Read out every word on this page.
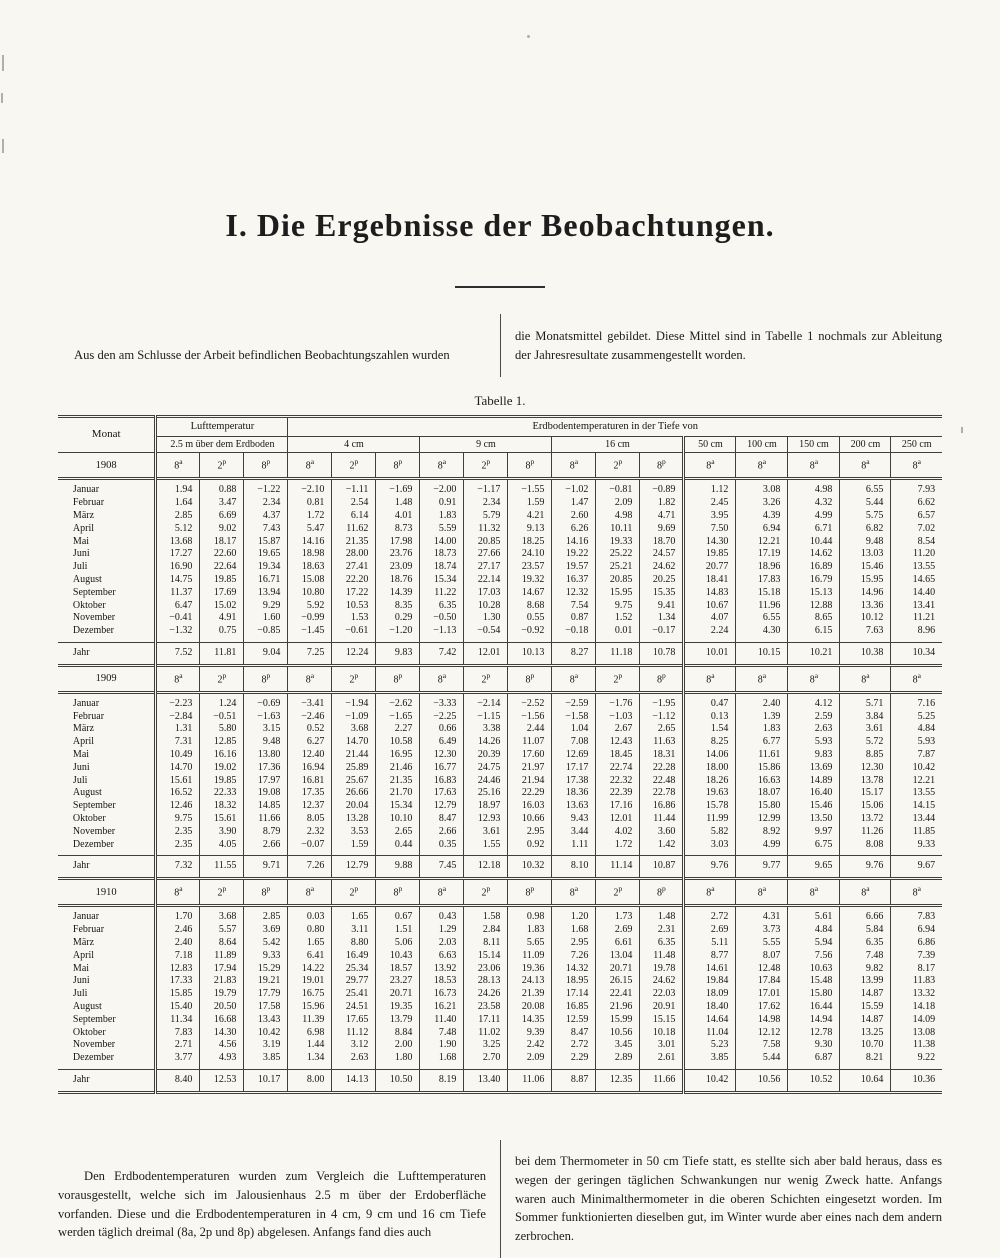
I. Die Ergebnisse der Beobachtungen.

Aus den am Schlusse der Arbeit befindlichen Beobachtungszahlen wurden

die Monatsmittel gebildet. Diese Mittel sind in Tabelle 1 nochmals zur Ableitung der Jahresresultate zusammengestellt worden.

Tabelle 1.
Monat	Lufttemperatur			Erdbodentemperaturen in der Tiefe von													
	2.5 m über dem Erdboden			4 cm			9 cm			16 cm			50 cm	100 cm	150 cm	200 cm	250 cm
1908	8$^a$	2$^p$	8$^p$	8$^a$	2$^p$	8$^p$	8$^a$	2$^p$	8$^p$	8$^a$	2$^p$	8$^p$	8$^a$	8$^a$	8$^a$	8$^a$	8$^a$
Januar	1.94	0.88	−1.22	−2.10	−1.11	−1.69	−2.00	−1.17	−1.55	−1.02	−0.81	−0.89	1.12	3.08	4.98	6.55	7.93
Februar	1.64	3.47	2.34	0.81	2.54	1.48	0.91	2.34	1.59	1.47	2.09	1.82	2.45	3.26	4.32	5.44	6.62
März	2.85	6.69	4.37	1.72	6.14	4.01	1.83	5.79	4.21	2.60	4.98	4.71	3.95	4.39	4.99	5.75	6.57
April	5.12	9.02	7.43	5.47	11.62	8.73	5.59	11.32	9.13	6.26	10.11	9.69	7.50	6.94	6.71	6.82	7.02
Mai	13.68	18.17	15.87	14.16	21.35	17.98	14.00	20.85	18.25	14.16	19.33	18.70	14.30	12.21	10.44	9.48	8.54
Juni	17.27	22.60	19.65	18.98	28.00	23.76	18.73	27.66	24.10	19.22	25.22	24.57	19.85	17.19	14.62	13.03	11.20
Juli	16.90	22.64	19.34	18.63	27.41	23.09	18.74	27.17	23.57	19.57	25.21	24.62	20.77	18.96	16.89	15.46	13.55
August	14.75	19.85	16.71	15.08	22.20	18.76	15.34	22.14	19.32	16.37	20.85	20.25	18.41	17.83	16.79	15.95	14.65
September	11.37	17.69	13.94	10.80	17.22	14.39	11.22	17.03	14.67	12.32	15.95	15.35	14.83	15.18	15.13	14.96	14.40
Oktober	6.47	15.02	9.29	5.92	10.53	8.35	6.35	10.28	8.68	7.54	9.75	9.41	10.67	11.96	12.88	13.36	13.41
November	−0.41	4.91	1.60	−0.99	1.53	0.29	−0.50	1.30	0.55	0.87	1.52	1.34	4.07	6.55	8.65	10.12	11.21
Dezember	−1.32	0.75	−0.85	−1.45	−0.61	−1.20	−1.13	−0.54	−0.92	−0.18	0.01	−0.17	2.24	4.30	6.15	7.63	8.96
Jahr	7.52	11.81	9.04	7.25	12.24	9.83	7.42	12.01	10.13	8.27	11.18	10.78	10.01	10.15	10.21	10.38	10.34
1909	8$^a$	2$^p$	8$^p$	8$^a$	2$^p$	8$^p$	8$^a$	2$^p$	8$^p$	8$^a$	2$^p$	8$^p$	8$^a$	8$^a$	8$^a$	8$^a$	8$^a$
Januar	−2.23	1.24	−0.69	−3.41	−1.94	−2.62	−3.33	−2.14	−2.52	−2.59	−1.76	−1.95	0.47	2.40	4.12	5.71	7.16
Februar	−2.84	−0.51	−1.63	−2.46	−1.09	−1.65	−2.25	−1.15	−1.56	−1.58	−1.03	−1.12	0.13	1.39	2.59	3.84	5.25
März	1.31	5.80	3.15	0.52	3.68	2.27	0.66	3.38	2.44	1.04	2.67	2.65	1.54	1.83	2.63	3.61	4.84
April	7.31	12.85	9.48	6.27	14.70	10.58	6.49	14.26	11.07	7.08	12.43	11.63	8.25	6.77	5.93	5.72	5.93
Mai	10.49	16.16	13.80	12.40	21.44	16.95	12.30	20.39	17.60	12.69	18.45	18.31	14.06	11.61	9.83	8.85	7.87
Juni	14.70	19.02	17.36	16.94	25.89	21.46	16.77	24.75	21.97	17.17	22.74	22.28	18.00	15.86	13.69	12.30	10.42
Juli	15.61	19.85	17.97	16.81	25.67	21.35	16.83	24.46	21.94	17.38	22.32	22.48	18.26	16.63	14.89	13.78	12.21
August	16.52	22.33	19.08	17.35	26.66	21.70	17.63	25.16	22.29	18.36	22.39	22.78	19.63	18.07	16.40	15.17	13.55
September	12.46	18.32	14.85	12.37	20.04	15.34	12.79	18.97	16.03	13.63	17.16	16.86	15.78	15.80	15.46	15.06	14.15
Oktober	9.75	15.61	11.66	8.05	13.28	10.10	8.47	12.93	10.66	9.43	12.01	11.44	11.99	12.99	13.50	13.72	13.44
November	2.35	3.90	8.79	2.32	3.53	2.65	2.66	3.61	2.95	3.44	4.02	3.60	5.82	8.92	9.97	11.26	11.85
Dezember	2.35	4.05	2.66	−0.07	1.59	0.44	0.35	1.55	0.92	1.11	1.72	1.42	3.03	4.99	6.75	8.08	9.33
Jahr	7.32	11.55	9.71	7.26	12.79	9.88	7.45	12.18	10.32	8.10	11.14	10.87	9.76	9.77	9.65	9.76	9.67
1910	8$^a$	2$^p$	8$^p$	8$^a$	2$^p$	8$^p$	8$^a$	2$^p$	8$^p$	8$^a$	2$^p$	8$^p$	8$^a$	8$^a$	8$^a$	8$^a$	8$^a$
Januar	1.70	3.68	2.85	0.03	1.65	0.67	0.43	1.58	0.98	1.20	1.73	1.48	2.72	4.31	5.61	6.66	7.83
Februar	2.46	5.57	3.69	0.80	3.11	1.51	1.29	2.84	1.83	1.68	2.69	2.31	2.69	3.73	4.84	5.84	6.94
März	2.40	8.64	5.42	1.65	8.80	5.06	2.03	8.11	5.65	2.95	6.61	6.35	5.11	5.55	5.94	6.35	6.86
April	7.18	11.89	9.33	6.41	16.49	10.43	6.63	15.14	11.09	7.26	13.04	11.48	8.77	8.07	7.56	7.48	7.39
Mai	12.83	17.94	15.29	14.22	25.34	18.57	13.92	23.06	19.36	14.32	20.71	19.78	14.61	12.48	10.63	9.82	8.17
Juni	17.33	21.83	19.21	19.01	29.77	23.27	18.53	28.13	24.13	18.95	26.15	24.62	19.84	17.84	15.48	13.99	11.83
Juli	15.85	19.79	17.79	16.75	25.41	20.71	16.73	24.26	21.39	17.14	22.41	22.03	18.09	17.01	15.80	14.87	13.32
August	15.40	20.50	17.58	15.96	24.51	19.35	16.21	23.58	20.08	16.85	21.96	20.91	18.40	17.62	16.44	15.59	14.18
September	11.34	16.68	13.43	11.39	17.65	13.79	11.40	17.11	14.35	12.59	15.99	15.15	14.64	14.98	14.94	14.87	14.09
Oktober	7.83	14.30	10.42	6.98	11.12	8.84	7.48	11.02	9.39	8.47	10.56	10.18	11.04	12.12	12.78	13.25	13.08
November	2.71	4.56	3.19	1.44	3.12	2.00	1.90	3.25	2.42	2.72	3.45	3.01	5.23	7.58	9.30	10.70	11.38
Dezember	3.77	4.93	3.85	1.34	2.63	1.80	1.68	2.70	2.09	2.29	2.89	2.61	3.85	5.44	6.87	8.21	9.22
Jahr	8.40	12.53	10.17	8.00	14.13	10.50	8.19	13.40	11.06	8.87	12.35	11.66	10.42	10.56	10.52	10.64	10.36

Den Erdbodentemperaturen wurden zum Vergleich die Lufttemperaturen vorausgestellt, welche sich im Jalousienhaus 2.5 m über der Erdoberfläche vorfanden. Diese und die Erdbodentemperaturen in 4 cm, 9 cm und 16 cm Tiefe werden täglich dreimal (8a, 2p und 8p) abgelesen. Anfangs fand dies auch

bei dem Thermometer in 50 cm Tiefe statt, es stellte sich aber bald heraus, dass es wegen der geringen täglichen Schwankungen nur wenig Zweck hatte. Anfangs waren auch Minimalthermometer in die oberen Schichten eingesetzt worden. Im Sommer funktionierten dieselben gut, im Winter wurde aber eines nach dem andern zerbrochen.
